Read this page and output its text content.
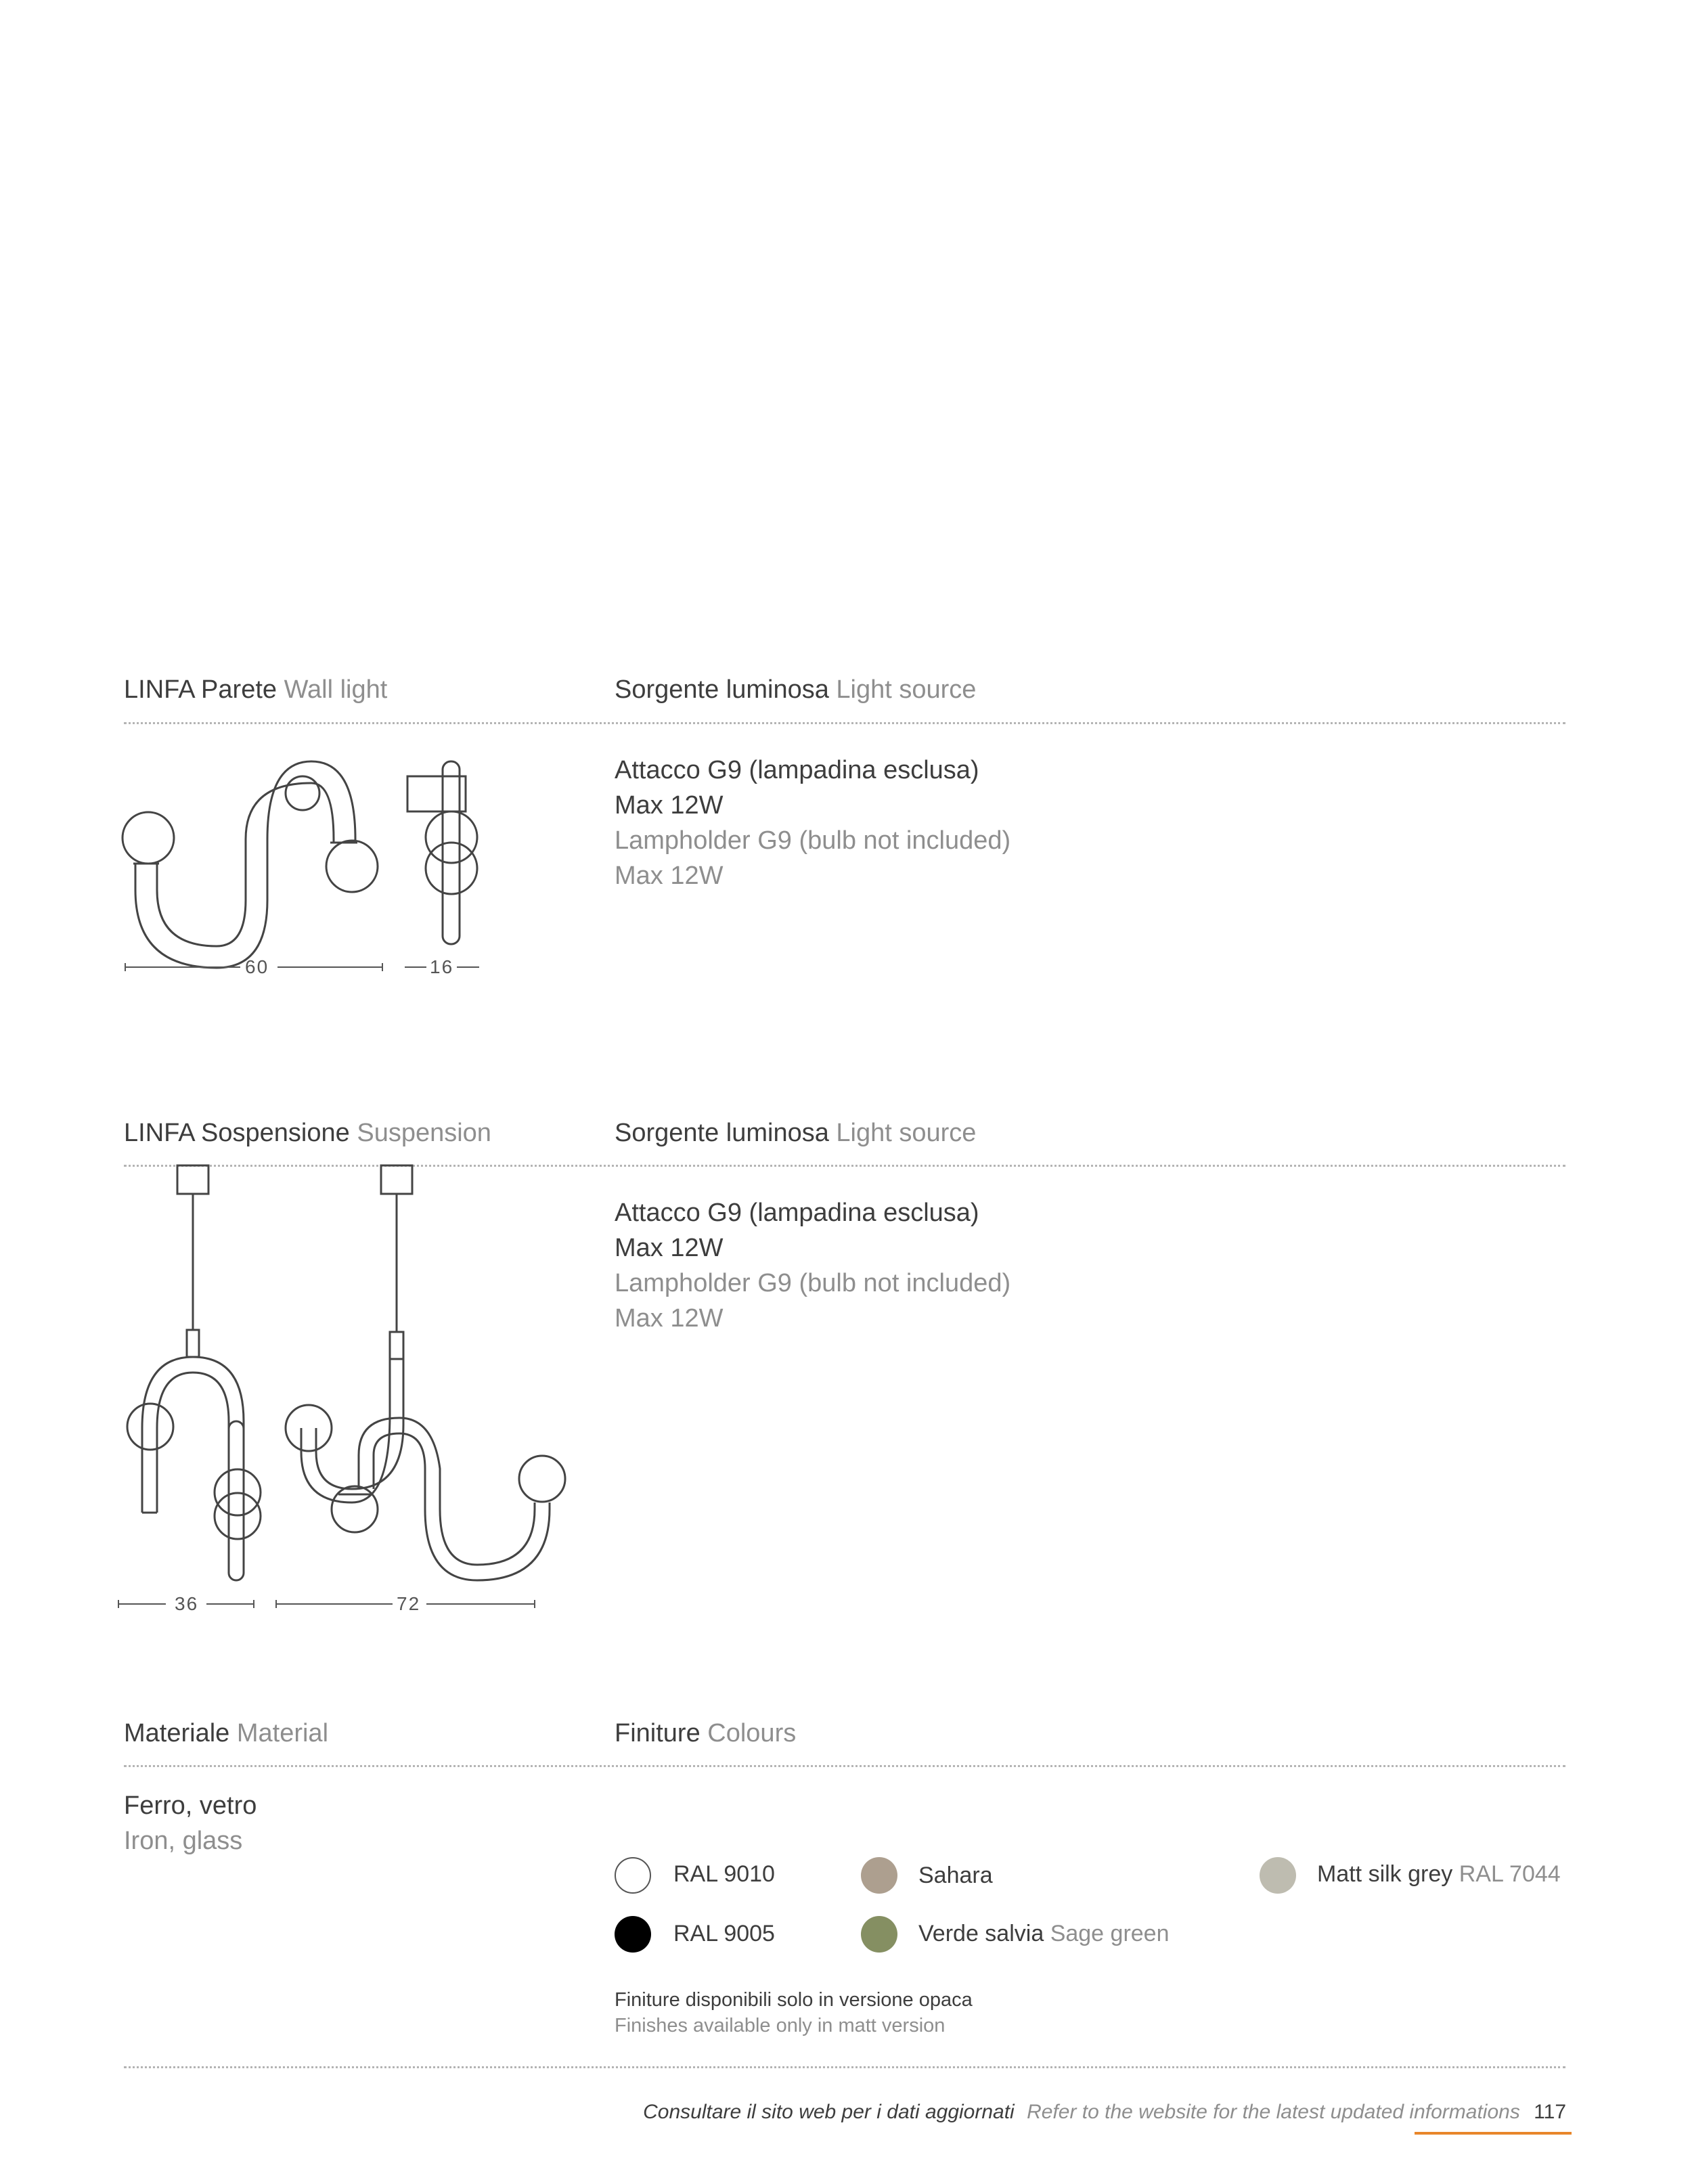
LINFA Parete Wall light	Sorgente luminosa Light source
Attacco G9 (lampadina esclusa)
Max 12W
Lampholder G9 (bulb not included)
Max 12W
60	16
LINFA Sospensione Suspension	Sorgente luminosa Light source
Attacco G9 (lampadina esclusa)
Max 12W
Lampholder G9 (bulb not included)
Max 12W
36	72
Materiale Material	Finiture Colours
Ferro, vetro
Iron, glass
RAL 9010	Sahara	Matt silk grey RAL 7044
RAL 9005	Verde salvia Sage green
Finiture disponibili solo in versione opaca
Finishes available only in matt version
Consultare il sito web per i dati aggiornati Refer to the website for the latest updated informations 117
